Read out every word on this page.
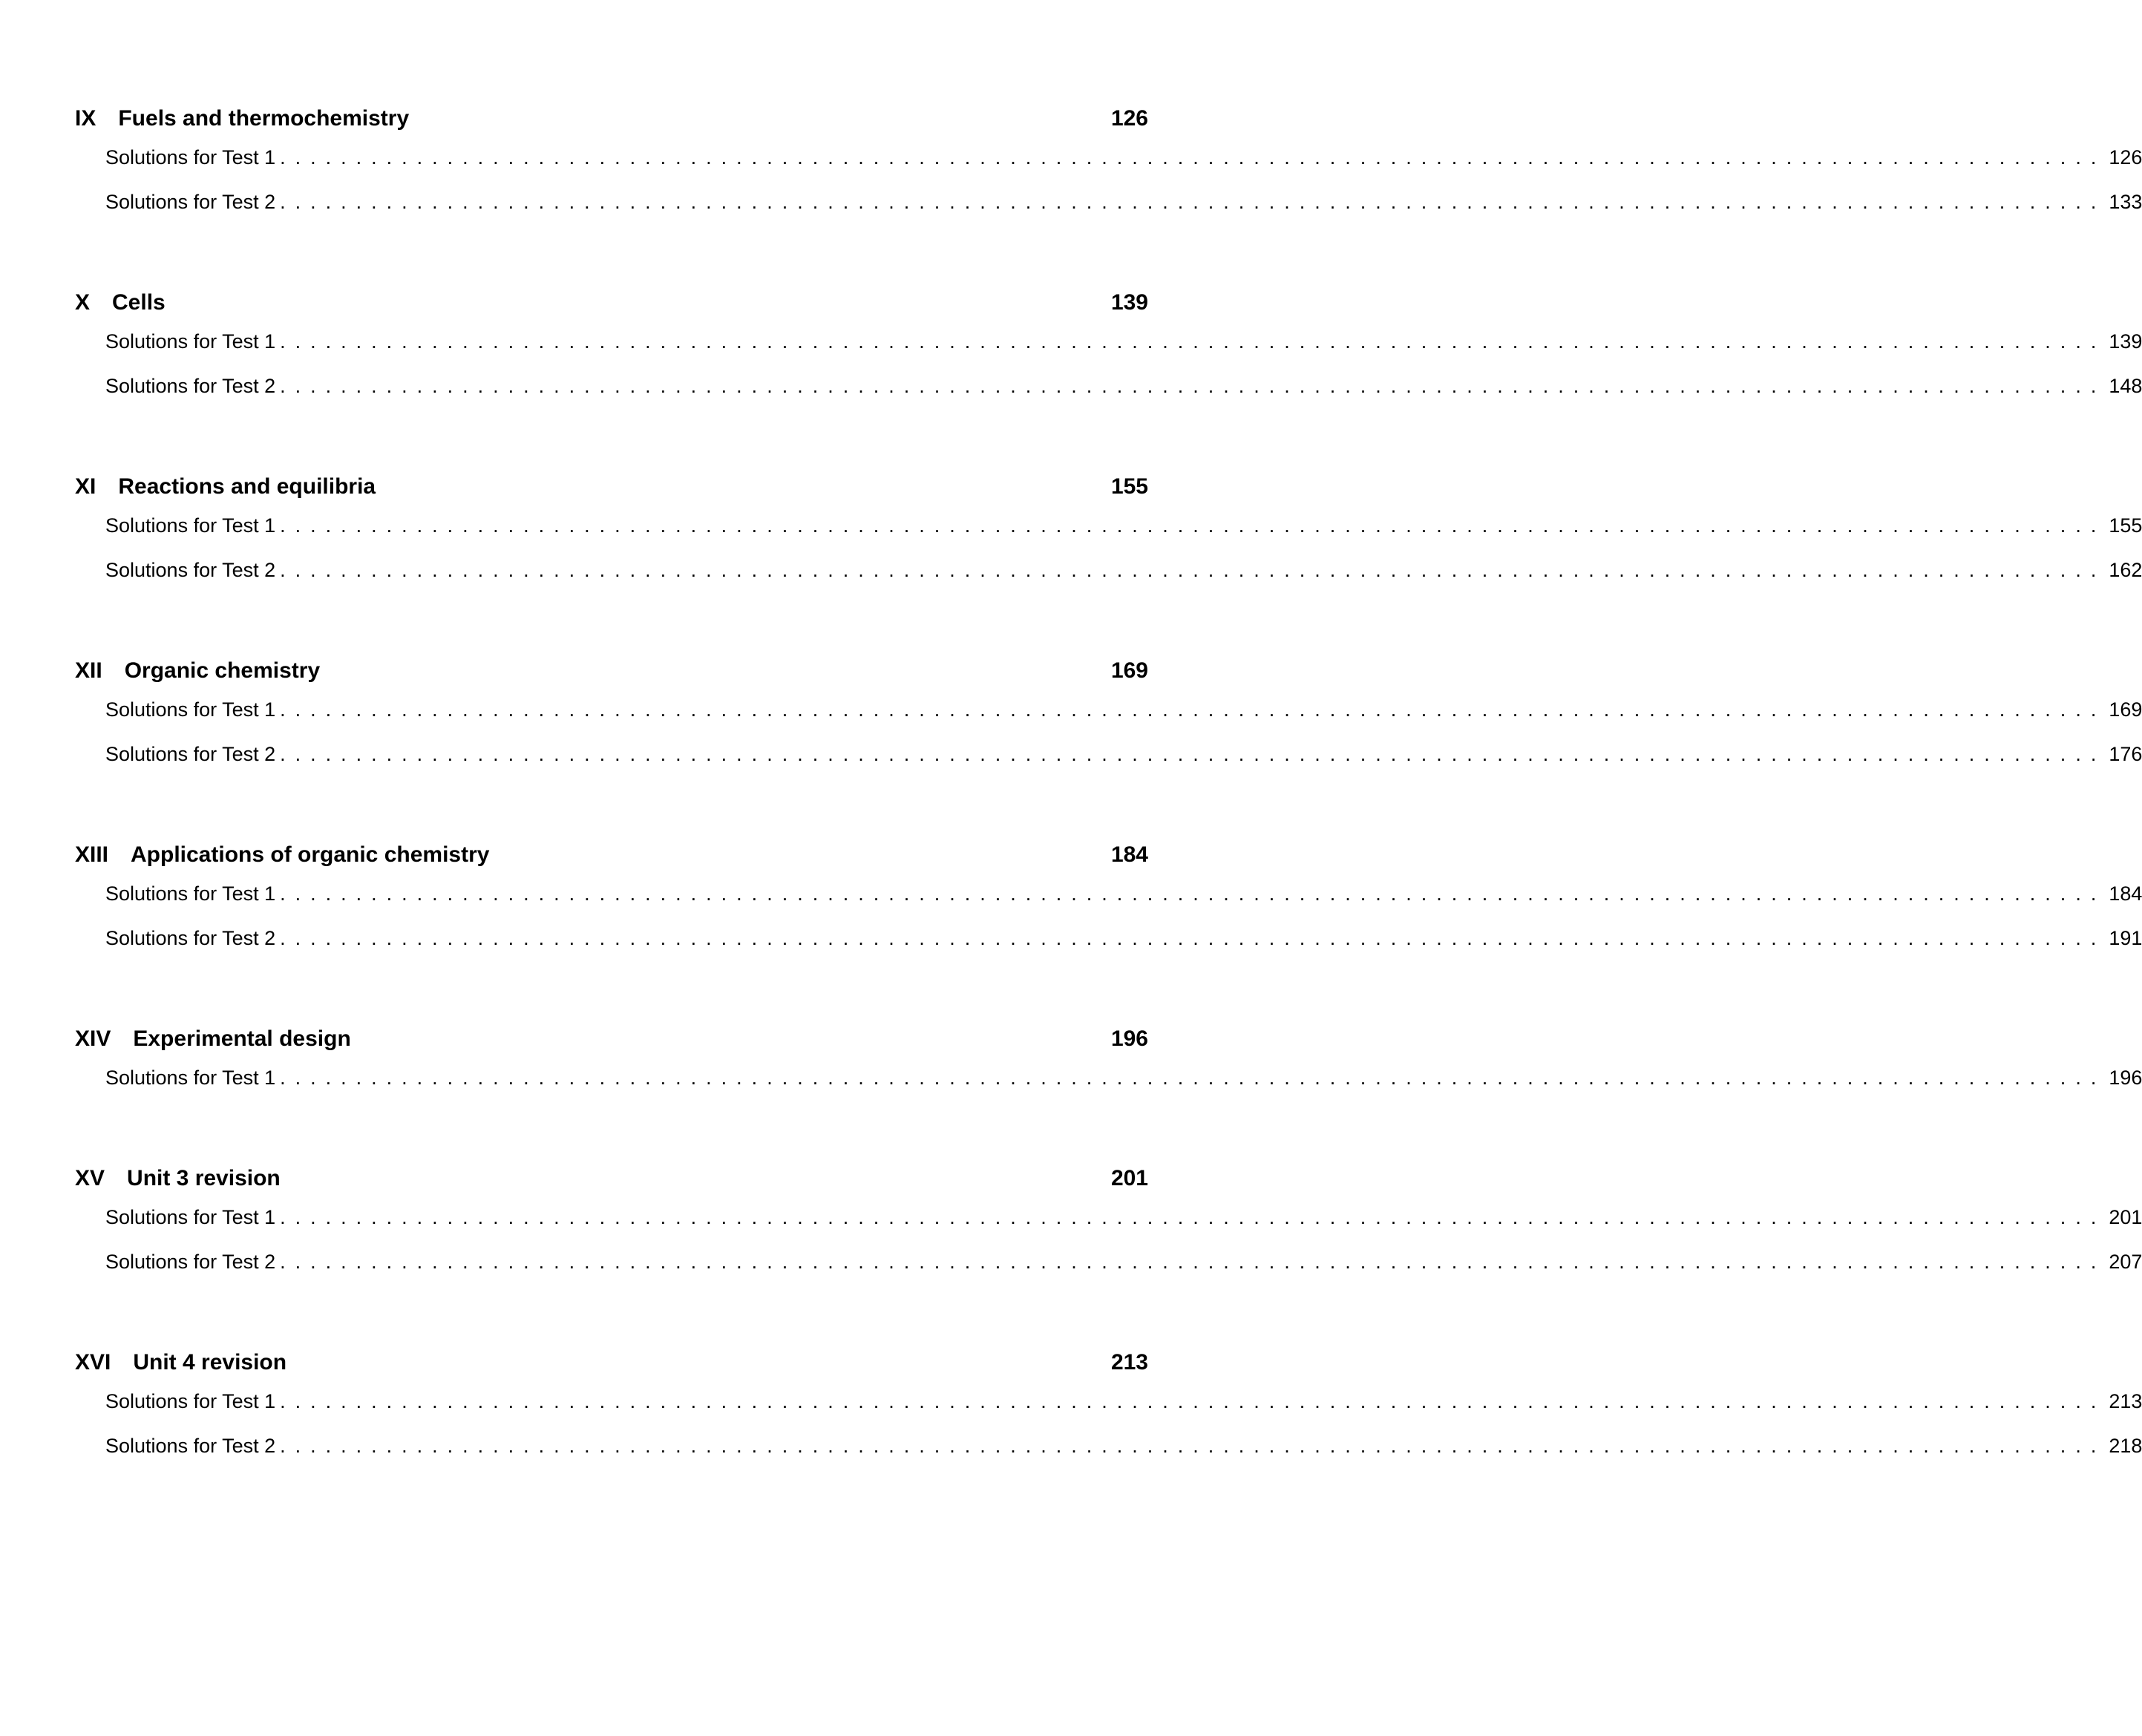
IX Fuels and thermochemistry	126
Solutions for Test 1 ........................................................................................................................ 126
Solutions for Test 2 ........................................................................................................................ 133
X Cells	139
Solutions for Test 1 ........................................................................................................................ 139
Solutions for Test 2 ........................................................................................................................ 148
XI Reactions and equilibria	155
Solutions for Test 1 ........................................................................................................................ 155
Solutions for Test 2 ........................................................................................................................ 162
XII Organic chemistry	169
Solutions for Test 1 ........................................................................................................................ 169
Solutions for Test 2 ........................................................................................................................ 176
XIII Applications of organic chemistry	184
Solutions for Test 1 ........................................................................................................................ 184
Solutions for Test 2 ........................................................................................................................ 191
XIV Experimental design	196
Solutions for Test 1 ........................................................................................................................ 196
XV Unit 3 revision	201
Solutions for Test 1 ........................................................................................................................ 201
Solutions for Test 2 ........................................................................................................................ 207
XVI Unit 4 revision	213
Solutions for Test 1 ........................................................................................................................ 213
Solutions for Test 2 ........................................................................................................................ 218
